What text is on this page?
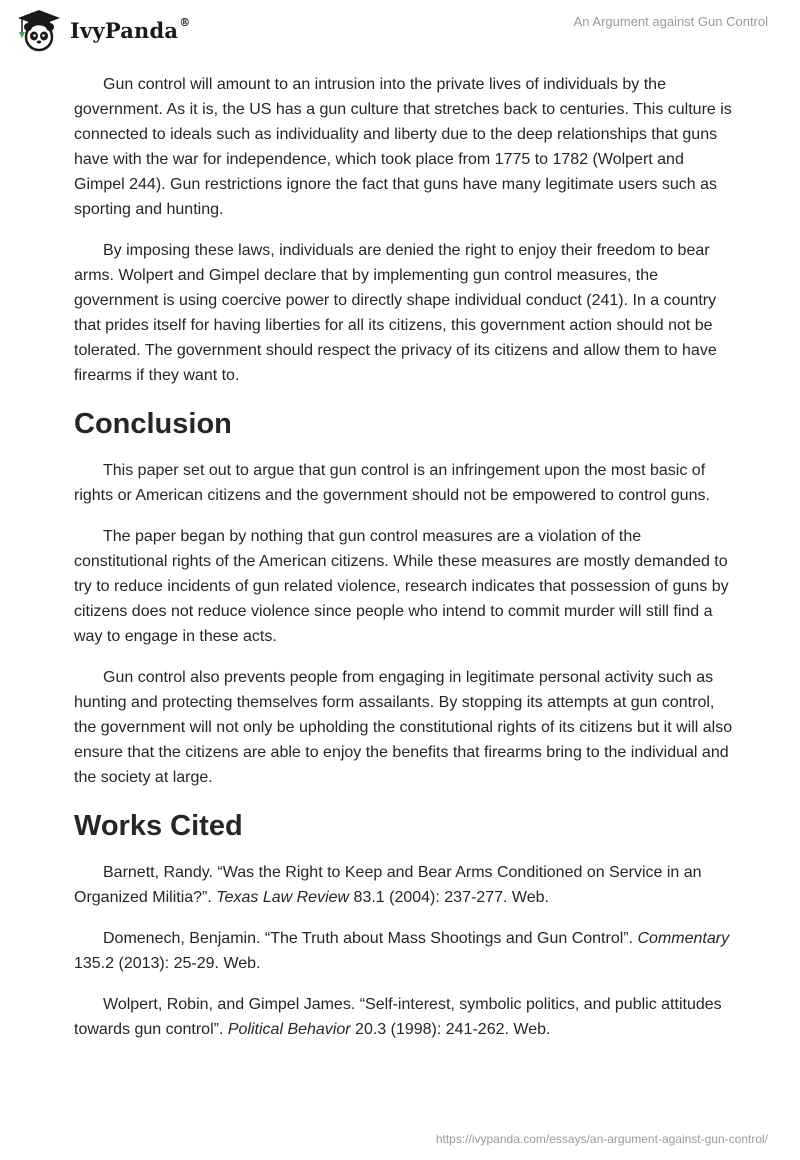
IvyPanda®	An Argument against Gun Control

Gun control will amount to an intrusion into the private lives of individuals by the government. As it is, the US has a gun culture that stretches back to centuries. This culture is connected to ideals such as individuality and liberty due to the deep relationships that guns have with the war for independence, which took place from 1775 to 1782 (Wolpert and Gimpel 244). Gun restrictions ignore the fact that guns have many legitimate users such as sporting and hunting.

By imposing these laws, individuals are denied the right to enjoy their freedom to bear arms. Wolpert and Gimpel declare that by implementing gun control measures, the government is using coercive power to directly shape individual conduct (241). In a country that prides itself for having liberties for all its citizens, this government action should not be tolerated. The government should respect the privacy of its citizens and allow them to have firearms if they want to.

Conclusion

This paper set out to argue that gun control is an infringement upon the most basic of rights or American citizens and the government should not be empowered to control guns.

The paper began by nothing that gun control measures are a violation of the constitutional rights of the American citizens. While these measures are mostly demanded to try to reduce incidents of gun related violence, research indicates that possession of guns by citizens does not reduce violence since people who intend to commit murder will still find a way to engage in these acts.

Gun control also prevents people from engaging in legitimate personal activity such as hunting and protecting themselves form assailants. By stopping its attempts at gun control, the government will not only be upholding the constitutional rights of its citizens but it will also ensure that the citizens are able to enjoy the benefits that firearms bring to the individual and the society at large.

Works Cited

Barnett, Randy. “Was the Right to Keep and Bear Arms Conditioned on Service in an Organized Militia?”. Texas Law Review 83.1 (2004): 237-277. Web.

Domenech, Benjamin. “The Truth about Mass Shootings and Gun Control”. Commentary 135.2 (2013): 25-29. Web.

Wolpert, Robin, and Gimpel James. “Self-interest, symbolic politics, and public attitudes towards gun control”. Political Behavior 20.3 (1998): 241-262. Web.

https://ivypanda.com/essays/an-argument-against-gun-control/
